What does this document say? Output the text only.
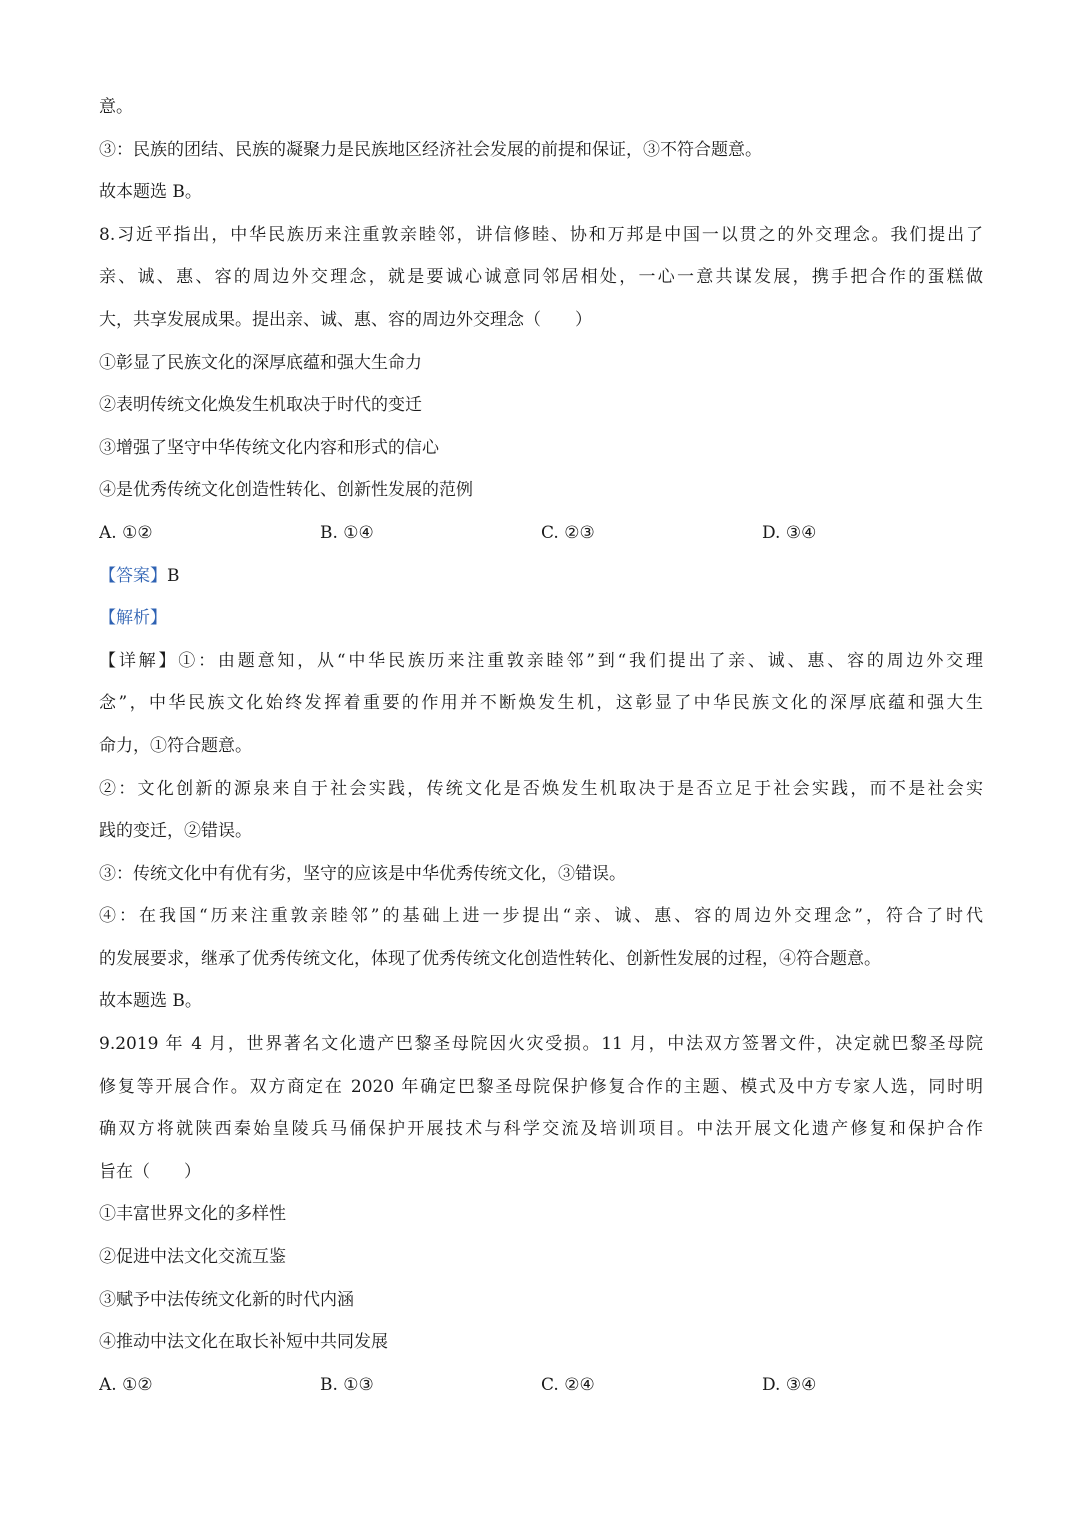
意。
③：民族的团结、民族的凝聚力是民族地区经济社会发展的前提和保证，③不符合题意。
故本题选 B。
8.习近平指出，中华民族历来注重敦亲睦邻，讲信修睦、协和万邦是中国一以贯之的外交理念。我们提出了
亲、诚、惠、容的周边外交理念，就是要诚心诚意同邻居相处，一心一意共谋发展，携手把合作的蛋糕做
大，共享发展成果。提出亲、诚、惠、容的周边外交理念（　　）
①彰显了民族文化的深厚底蕴和强大生命力
②表明传统文化焕发生机取决于时代的变迁
③增强了坚守中华传统文化内容和形式的信心
④是优秀传统文化创造性转化、创新性发展的范例
A. ①②	B. ①④	C. ②③	D. ③④
【答案】B
【解析】
【详解】①：由题意知，从“中华民族历来注重敦亲睦邻”到“我们提出了亲、诚、惠、容的周边外交理
念”，中华民族文化始终发挥着重要的作用并不断焕发生机，这彰显了中华民族文化的深厚底蕴和强大生
命力，①符合题意。
②：文化创新的源泉来自于社会实践，传统文化是否焕发生机取决于是否立足于社会实践，而不是社会实
践的变迁，②错误。
③：传统文化中有优有劣，坚守的应该是中华优秀传统文化，③错误。
④：在我国“历来注重敦亲睦邻”的基础上进一步提出“亲、诚、惠、容的周边外交理念”，符合了时代
的发展要求，继承了优秀传统文化，体现了优秀传统文化创造性转化、创新性发展的过程，④符合题意。
故本题选 B。
9.2019 年 4 月，世界著名文化遗产巴黎圣母院因火灾受损。11 月，中法双方签署文件，决定就巴黎圣母院
修复等开展合作。双方商定在 2020 年确定巴黎圣母院保护修复合作的主题、模式及中方专家人选，同时明
确双方将就陕西秦始皇陵兵马俑保护开展技术与科学交流及培训项目。中法开展文化遗产修复和保护合作
旨在（　　）
①丰富世界文化的多样性
②促进中法文化交流互鉴
③赋予中法传统文化新的时代内涵
④推动中法文化在取长补短中共同发展
A. ①②	B. ①③	C. ②④	D. ③④
